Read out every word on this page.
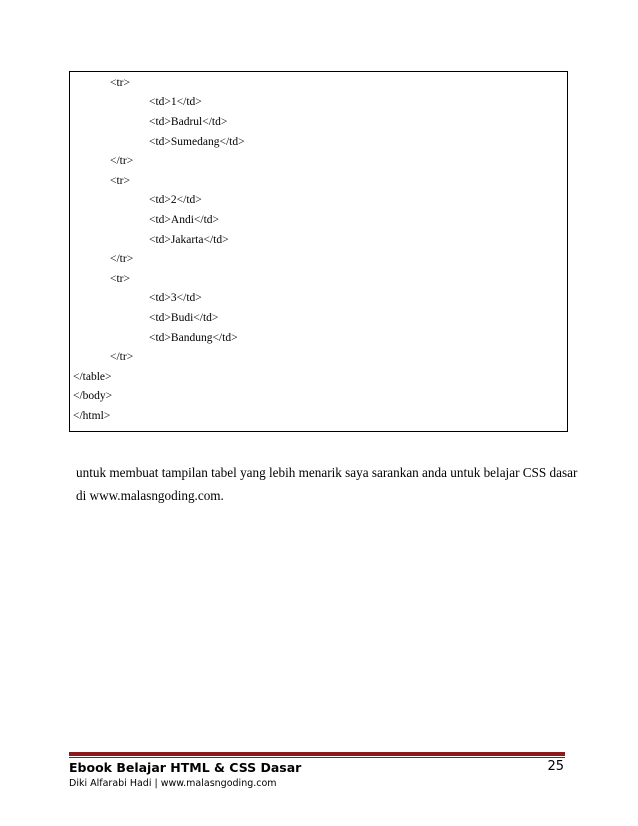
<tr>
<td>1</td>
<td>Badrul</td>
<td>Sumedang</td>
</tr>
<tr>
<td>2</td>
<td>Andi</td>
<td>Jakarta</td>
</tr>
<tr>
<td>3</td>
<td>Budi</td>
<td>Bandung</td>
</tr>
</table>
</body>
</html>
untuk membuat tampilan tabel yang lebih menarik saya sarankan anda untuk belajar CSS dasar
di www.malasngoding.com.
Ebook Belajar HTML & CSS Dasar
Diki Alfarabi Hadi | www.malasngoding.com
25
